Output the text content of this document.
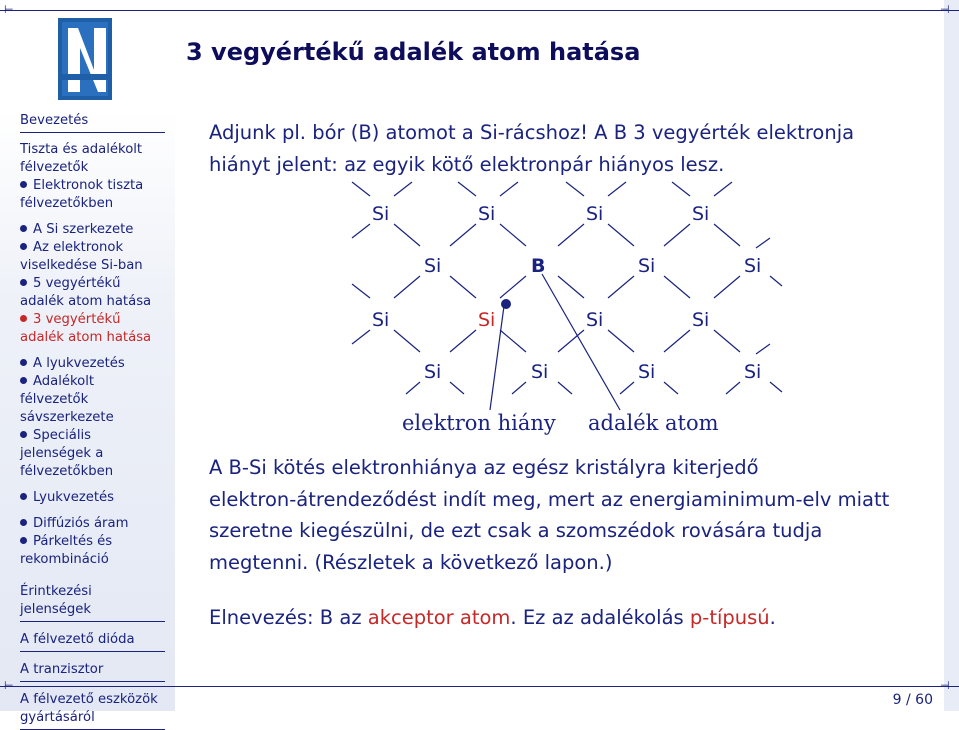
Bevezetés
Tiszta és adalékolt félvezetők
Elektronok tiszta félvezetőkben
A Si szerkezete
Az elektronok viselkedése Si-ban
5 vegyértékű adalék atom hatása
3 vegyértékű adalék atom hatása
A lyukvezetés
Adalékolt félvezetők sávszerkezete
Speciális jelenségek a félvezetőkben
Lyukvezetés
Diffúziós áram
Párkeltés és rekombináció
Érintkezési jelenségek
A félvezető dióda
A tranzisztor
A félvezető eszközök gyártásáról
⊢	⊣
⊢	⊣
3 vegyértékű adalék atom hatása
Adjunk pl. bór (B) atomot a Si-rácshoz! A B 3 vegyérték elektronja
hiányt jelent: az egyik kötő elektronpár hiányos lesz.
Si	Si	Si	Si
Si	B	Si	Si
Si	Si	Si	Si
Si	Si	Si	Si
elektron hiány adalék atom
A B-Si kötés elektronhiánya az egész kristályra kiterjedő
elektron-átrendeződést indít meg, mert az energiaminimum-elv miatt
szeretne kiegészülni, de ezt csak a szomszédok rovására tudja
megtenni. (Részletek a következő lapon.)
Elnevezés: B az akceptor atom. Ez az adalékolás p-típusú.
9 / 60
